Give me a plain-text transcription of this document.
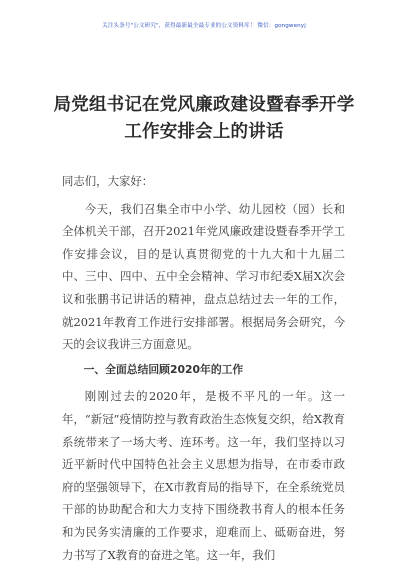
关注头条号"公文研究"，获得最新最全最专业的公文资料库！ 微信：gongwenyj
局党组书记在党风廉政建设暨春季开学工作安排会上的讲话

同志们，大家好：

今天，我们召集全市中小学、幼儿园校（园）长和全体机关干部，召开2021年党风廉政建设暨春季开学工作安排会议，目的是认真贯彻党的十九大和十九届二中、三中、四中、五中全会精神、学习市纪委X届X次会议和张鹏书记讲话的精神，盘点总结过去一年的工作，就2021年教育工作进行安排部署。根据局务会研究，今天的会议我讲三方面意见。

一、全面总结回顾2020年的工作

刚刚过去的2020年，是极不平凡的一年。这一年，“新冠”疫情防控与教育政治生态恢复交织，给X教育系统带来了一场大考、连环考。这一年，我们坚持以习近平新时代中国特色社会主义思想为指导，在市委市政府的坚强领导下，在X市教育局的指导下，在全系统党员干部的协助配合和大力支持下围绕教书育人的根本任务和为民务实清廉的工作要求，迎难而上、砥砺奋进，努力书写了X教育的奋进之笔。这一年，我们
